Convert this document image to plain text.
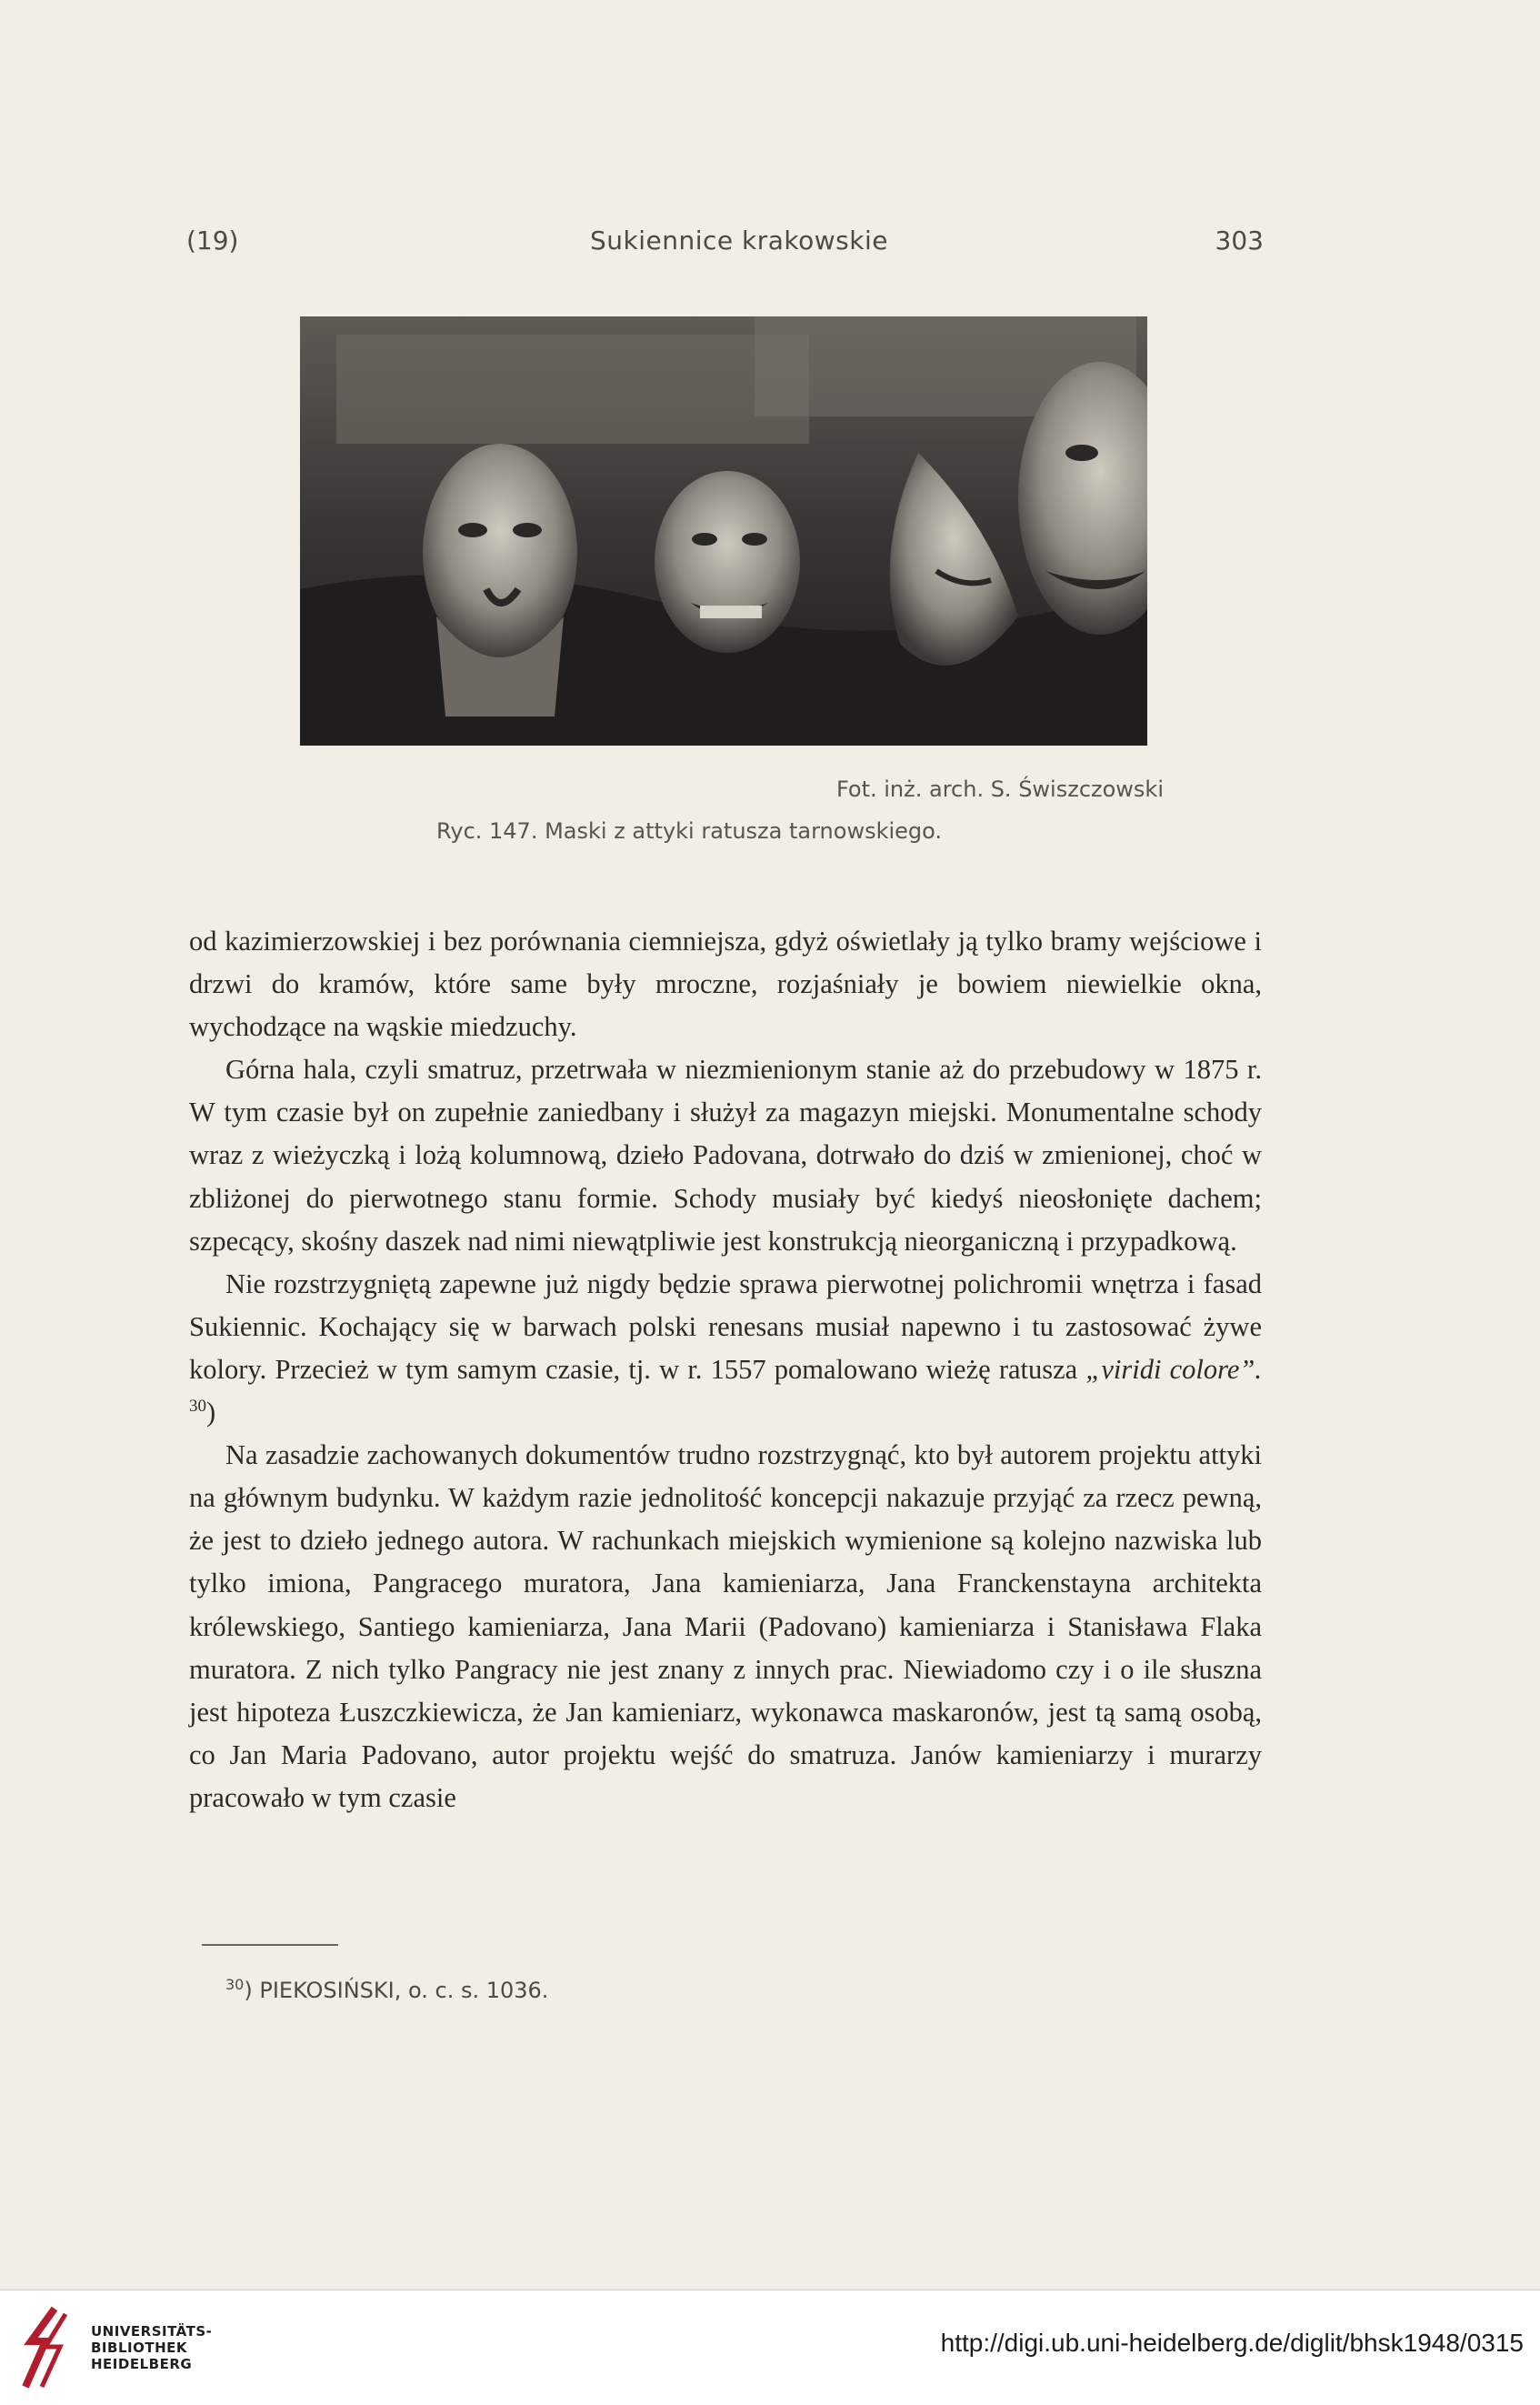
(19)	Sukiennice krakowskie	303
Fot. inż. arch. S. Świszczowski
Ryc. 147. Maski z attyki ratusza tarnowskiego.

od kazimierzowskiej i bez porównania ciemniejsza, gdyż oświetlały ją tylko bramy wejściowe i drzwi do kramów, które same były mroczne, rozjaśniały je bowiem niewielkie okna, wychodzące na wąskie miedzuchy.

Górna hala, czyli smatruz, przetrwała w niezmienionym stanie aż do przebudowy w 1875 r. W tym czasie był on zupełnie zaniedbany i służył za magazyn miejski. Monumentalne schody wraz z wieżyczką i lożą kolumnową, dzieło Padovana, dotrwało do dziś w zmienionej, choć w zbliżonej do pierwotnego stanu formie. Schody musiały być kiedyś nieosłonięte dachem; szpecący, skośny daszek nad nimi niewątpliwie jest konstrukcją nieorganiczną i przypadkową.

Nie rozstrzygniętą zapewne już nigdy będzie sprawa pierwotnej polichromii wnętrza i fasad Sukiennic. Kochający się w barwach polski renesans musiał napewno i tu zastosować żywe kolory. Przecież w tym samym czasie, tj. w r. 1557 pomalowano wieżę ratusza „viridi colore”. $^{30}$)

Na zasadzie zachowanych dokumentów trudno rozstrzygnąć, kto był autorem projektu attyki na głównym budynku. W każdym razie jednolitość koncepcji nakazuje przyjąć za rzecz pewną, że jest to dzieło jednego autora. W rachunkach miejskich wymienione są kolejno nazwiska lub tylko imiona, Pangracego muratora, Jana kamieniarza, Jana Franckenstayna architekta królewskiego, Santiego kamieniarza, Jana Marii (Padovano) kamieniarza i Stanisława Flaka muratora. Z nich tylko Pangracy nie jest znany z innych prac. Niewiadomo czy i o ile słuszna jest hipoteza Łuszczkiewicza, że Jan kamieniarz, wykonawca maskaronów, jest tą samą osobą, co Jan Maria Padovano, autor projektu wejść do smatruza. Janów kamieniarzy i murarzy pracowało w tym czasie

$^{30}$) PIEKOSIŃSKI, o. c. s. 1036.
UNIVERSITÄTS-
BIBLIOTHEK
HEIDELBERG
http://digi.ub.uni-heidelberg.de/diglit/bhsk1948/0315
